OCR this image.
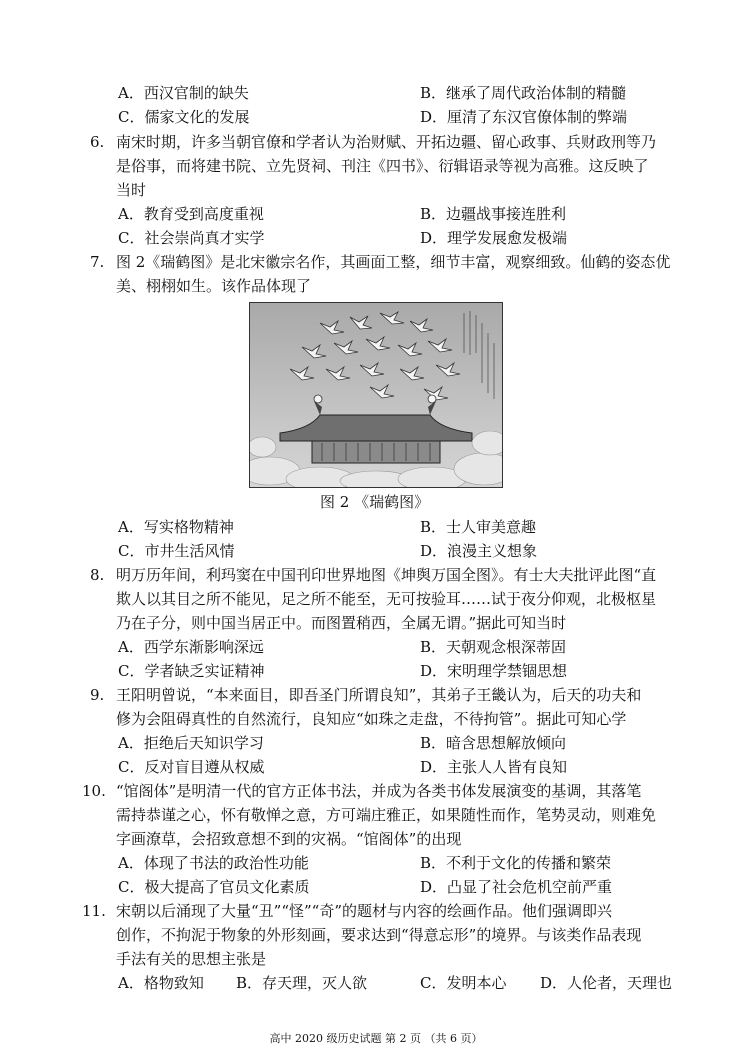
A．西汉官制的缺失	B．继承了周代政治体制的精髓
C．儒家文化的发展	D．厘清了东汉官僚体制的弊端
6. 南宋时期，许多当朝官僚和学者认为治财赋、开拓边疆、留心政事、兵财政刑等乃
是俗事，而将建书院、立先贤祠、刊注《四书》、衍辑语录等视为高雅。这反映了
当时
A．教育受到高度重视	B．边疆战事接连胜利
C．社会崇尚真才实学	D．理学发展愈发极端
7. 图 2《瑞鹤图》是北宋徽宗名作，其画面工整，细节丰富，观察细致。仙鹤的姿态优
美、栩栩如生。该作品体现了
图 2 《瑞鹤图》
A．写实格物精神	B．士人审美意趣
C．市井生活风情	D．浪漫主义想象
8. 明万历年间，利玛窦在中国刊印世界地图《坤舆万国全图》。有士大夫批评此图“直
欺人以其目之所不能见，足之所不能至，无可按验耳……试于夜分仰观，北极枢星
乃在子分，则中国当居正中。而图置稍西，全属无谓。”据此可知当时
A．西学东渐影响深远	B．天朝观念根深蒂固
C．学者缺乏实证精神	D．宋明理学禁锢思想
9. 王阳明曾说，“本来面目，即吾圣门所谓良知”，其弟子王畿认为，后天的功夫和
修为会阻碍真性的自然流行，良知应“如珠之走盘，不待拘管”。据此可知心学
A．拒绝后天知识学习	B．暗含思想解放倾向
C．反对盲目遵从权威	D．主张人人皆有良知
10. “馆阁体”是明清一代的官方正体书法，并成为各类书体发展演变的基调，其落笔
需持恭谨之心，怀有敬惮之意，方可端庄雅正，如果随性而作，笔势灵动，则难免
字画潦草，会招致意想不到的灾祸。“馆阁体”的出现
A．体现了书法的政治性功能	B．不利于文化的传播和繁荣
C．极大提高了官员文化素质	D．凸显了社会危机空前严重
11. 宋朝以后涌现了大量“丑”“怪”“奇”的题材与内容的绘画作品。他们强调即兴
创作，不拘泥于物象的外形刻画，要求达到“得意忘形”的境界。与该类作品表现
手法有关的思想主张是
A．格物致知 B．存天理，灭人欲	C．发明本心 D．人伦者，天理也
高中 2020 级历史试题 第 2 页 （共 6 页）
